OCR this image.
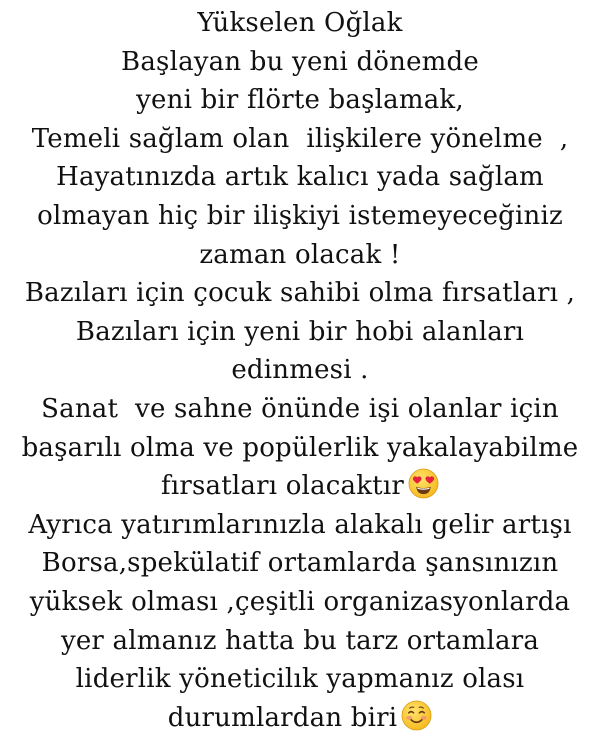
Yükselen Oğlak
Başlayan bu yeni dönemde
yeni bir flörte başlamak,
Temeli sağlam olan  ilişkilere yönelme  ,
Hayatınızda artık kalıcı yada sağlam
olmayan hiç bir ilişkiyi istemeyeceğiniz
zaman olacak !
Bazıları için çocuk sahibi olma fırsatları ,
Bazıları için yeni bir hobi alanları
edinmesi .
Sanat  ve sahne önünde işi olanlar için
başarılı olma ve popülerlik yakalayabilme
fırsatları olacaktır
Ayrıca yatırımlarınızla alakalı gelir artışı
Borsa,spekülatif ortamlarda şansınızın
yüksek olması ,çeşitli organizasyonlarda
yer almanız hatta bu tarz ortamlara
liderlik yöneticilık yapmanız olası
durumlardan biri
